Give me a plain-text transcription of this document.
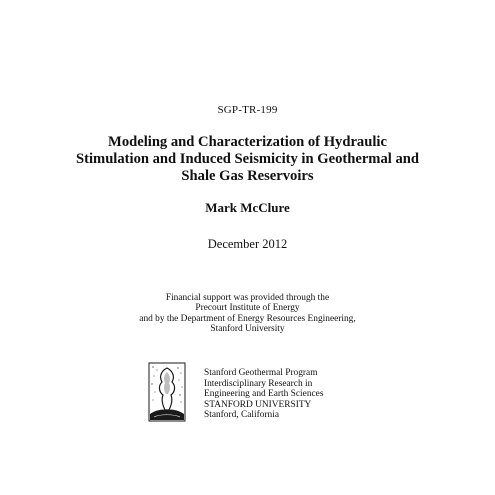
SGP-TR-199
Modeling and Characterization of Hydraulic
Stimulation and Induced Seismicity in Geothermal and
Shale Gas Reservoirs
Mark McClure
December 2012
Financial support was provided through the
Precourt Institute of Energy
and by the Department of Energy Resources Engineering,
Stanford University
Stanford Geothermal Program
Interdisciplinary Research in
Engineering and Earth Sciences
STANFORD UNIVERSITY
Stanford, California
